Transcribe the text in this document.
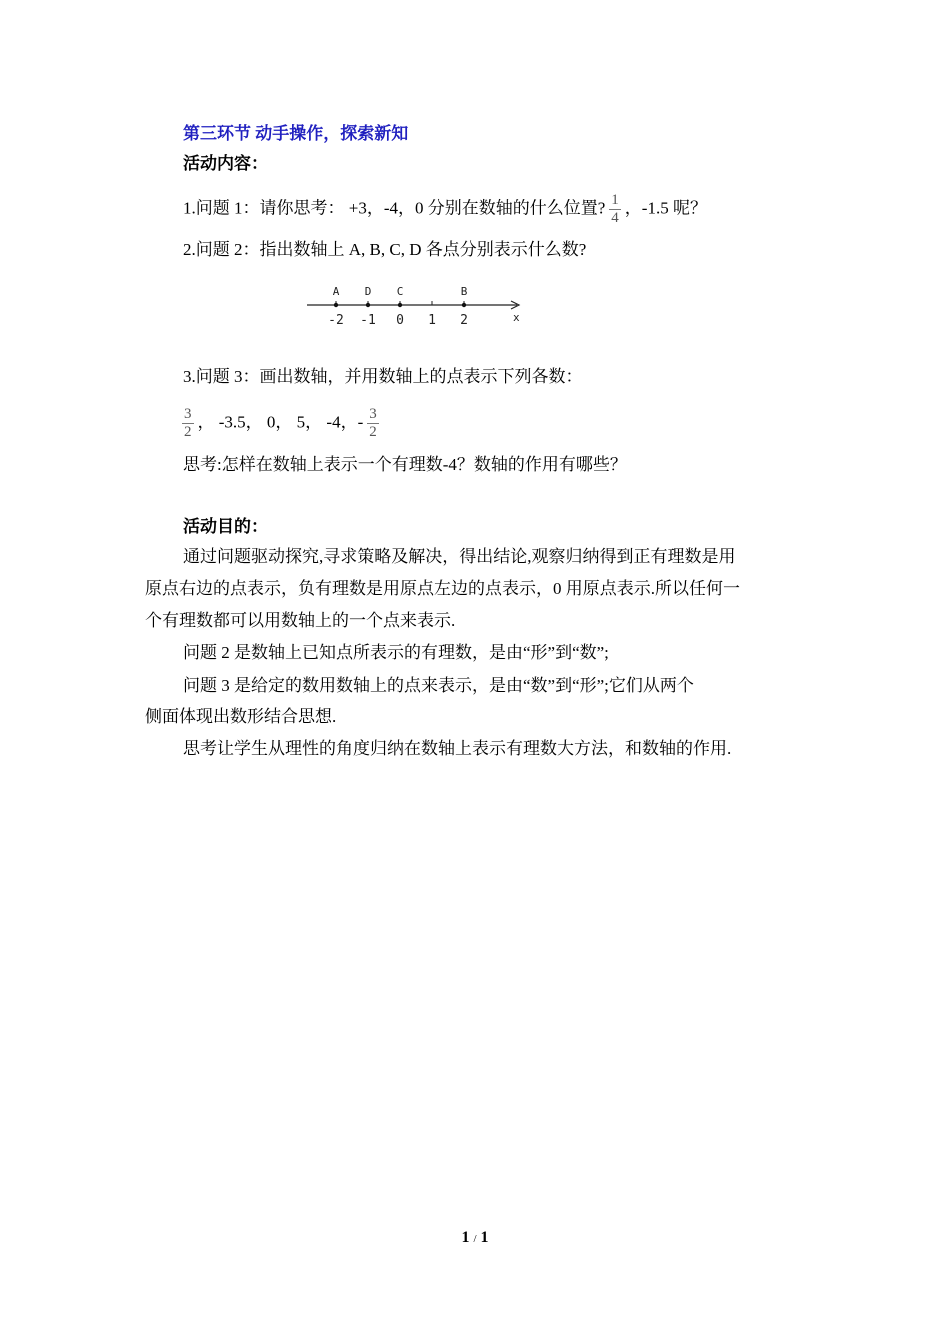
第三环节 动手操作，探索新知
活动内容：
1.问题 1：请你思考： +3，-4，0 分别在数轴的什么位置? $\frac{1}{4}$ ，-1.5 呢？
2.问题 2：指出数轴上 A, B, C, D 各点分别表示什么数?
x
-2 -1 0 1 2
A D C	B
3.问题 3：画出数轴，并用数轴上的点表示下列各数：
$\frac{3}{2}$ ， -3.5， 0， 5， -4，- $\frac{3}{2}$
思考:怎样在数轴上表示一个有理数-4？数轴的作用有哪些？
活动目的：
通过问题驱动探究,寻求策略及解决，得出结论,观察归纳得到正有理数是用
原点右边的点表示，负有理数是用原点左边的点表示，0 用原点表示.所以任何一
个有理数都可以用数轴上的一个点来表示.
问题 2 是数轴上已知点所表示的有理数，是由“形”到“数”;
问题 3 是给定的数用数轴上的点来表示，是由“数”到“形”;它们从两个
侧面体现出数形结合思想.
思考让学生从理性的角度归纳在数轴上表示有理数大方法，和数轴的作用.
1 / 1
